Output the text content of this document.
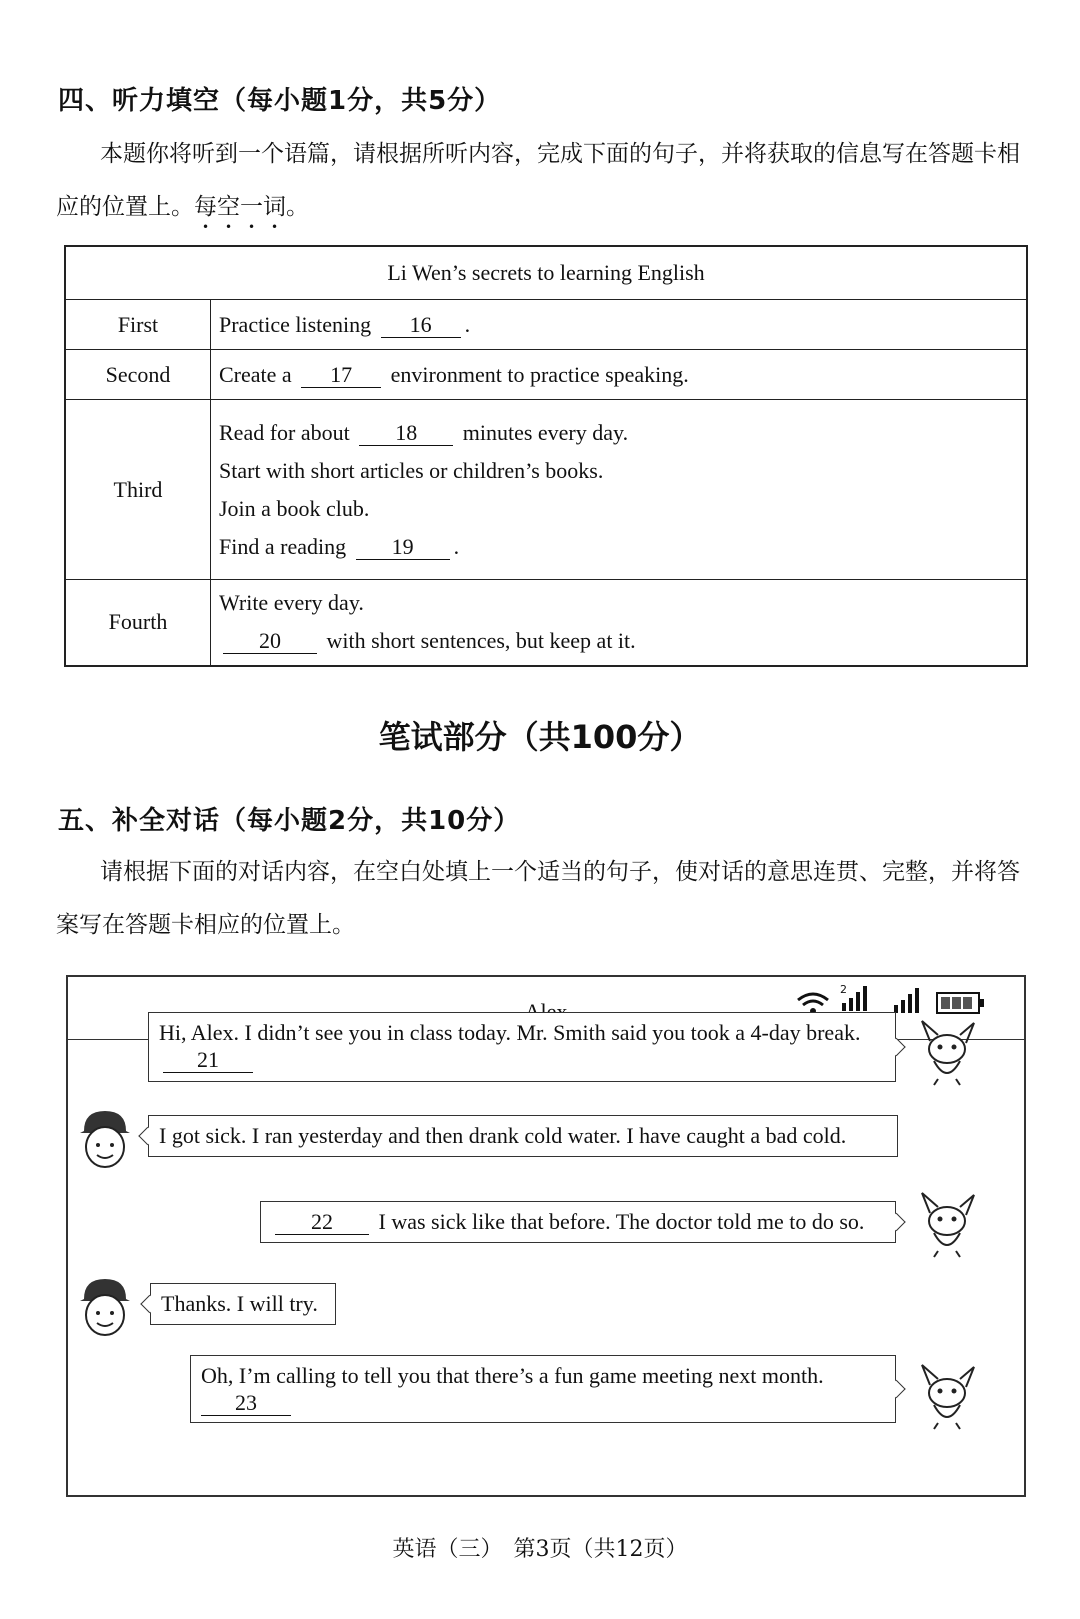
四、听力填空（每小题1分，共5分）
本题你将听到一个语篇，请根据所听内容，完成下面的句子，并将获取的信息写在答题卡相
应的位置上。每空一词。
Li Wen’s secrets to learning English	
First	Practice listening 16 .
Second	Create a 17 environment to practice speaking.
Third	Read for about 18 minutes every day.
Start with short articles or children’s books.
Join a book club.
Find a reading 19 .

Fourth	Write every day.
20 with short sentences, but keep at it.
笔试部分（共100分）
五、补全对话（每小题2分，共10分）
请根据下面的对话内容，在空白处填上一个适当的句子，使对话的意思连贯、完整，并将答
案写在答题卡相应的位置上。
2
Hi, Alex. I didn’t see you in class today. Mr. Smith said you took a 4-day break. 21
I got sick. I ran yesterday and then drank cold water. I have caught a bad cold.
22 I was sick like that before. The doctor told me to do so.
Thanks. I will try.
Oh, I’m calling to tell you that there’s a fun game meeting next month.
23
英语（三）　第3页（共12页）
